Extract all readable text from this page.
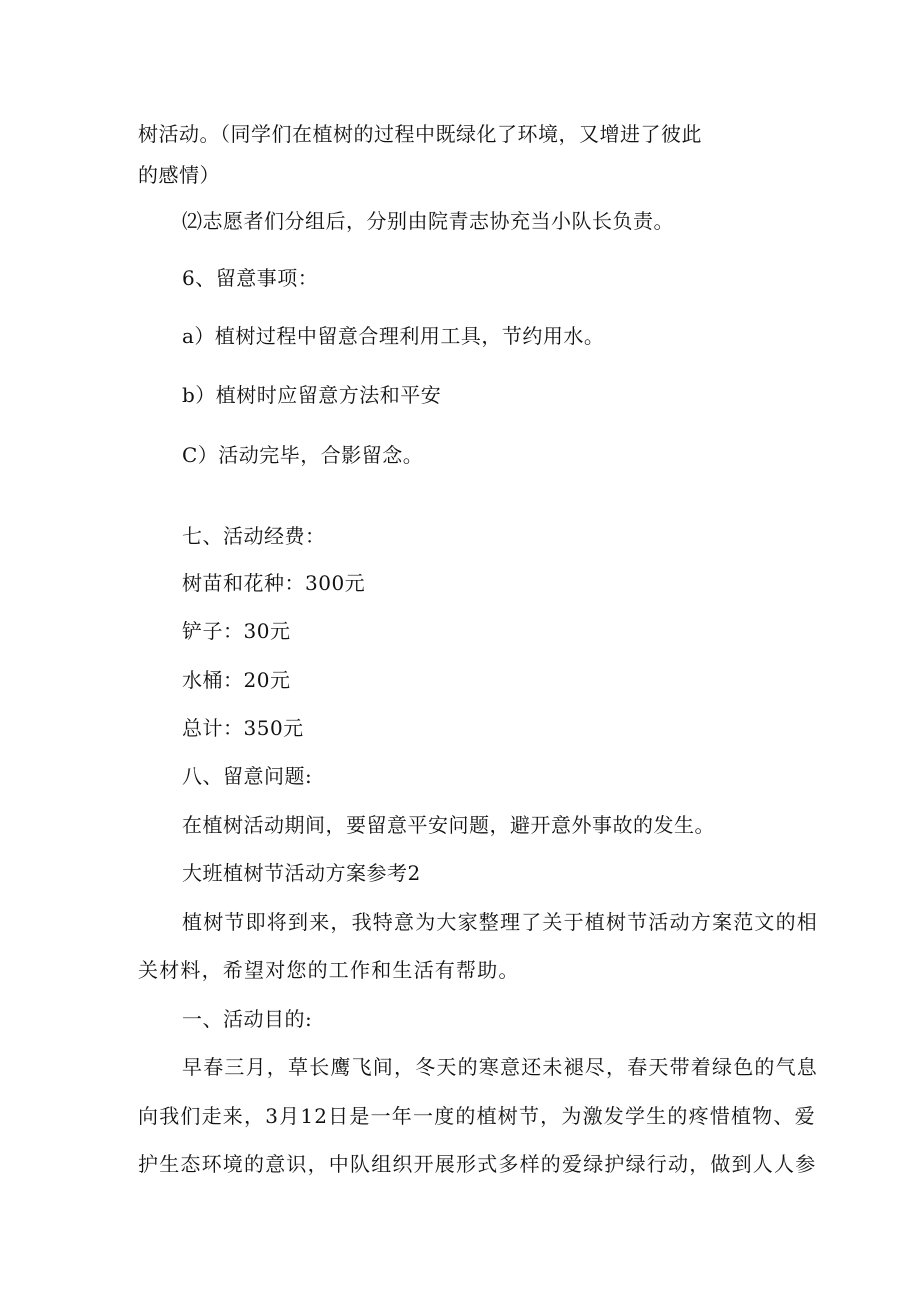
树活动。（同学们在植树的过程中既绿化了环境，又增进了彼此
的感情）
⑵志愿者们分组后，分别由院青志协充当小队长负责。
6、留意事项：
a）植树过程中留意合理利用工具，节约用水。
b）植树时应留意方法和平安
C）活动完毕，合影留念。
七、活动经费：
树苗和花种：300元
铲子：30元
水桶：20元
总计：350元
八、留意问题:
在植树活动期间，要留意平安问题，避开意外事故的发生。
大班植树节活动方案参考2
植树节即将到来，我特意为大家整理了关于植树节活动方案范文的相
关材料，希望对您的工作和生活有帮助。
一、活动目的:
早春三月，草长鹰飞间，冬天的寒意还未褪尽，春天带着绿色的气息
向我们走来，3月12日是一年一度的植树节，为激发学生的疼惜植物、爱
护生态环境的意识，中队组织开展形式多样的爱绿护绿行动，做到人人参
